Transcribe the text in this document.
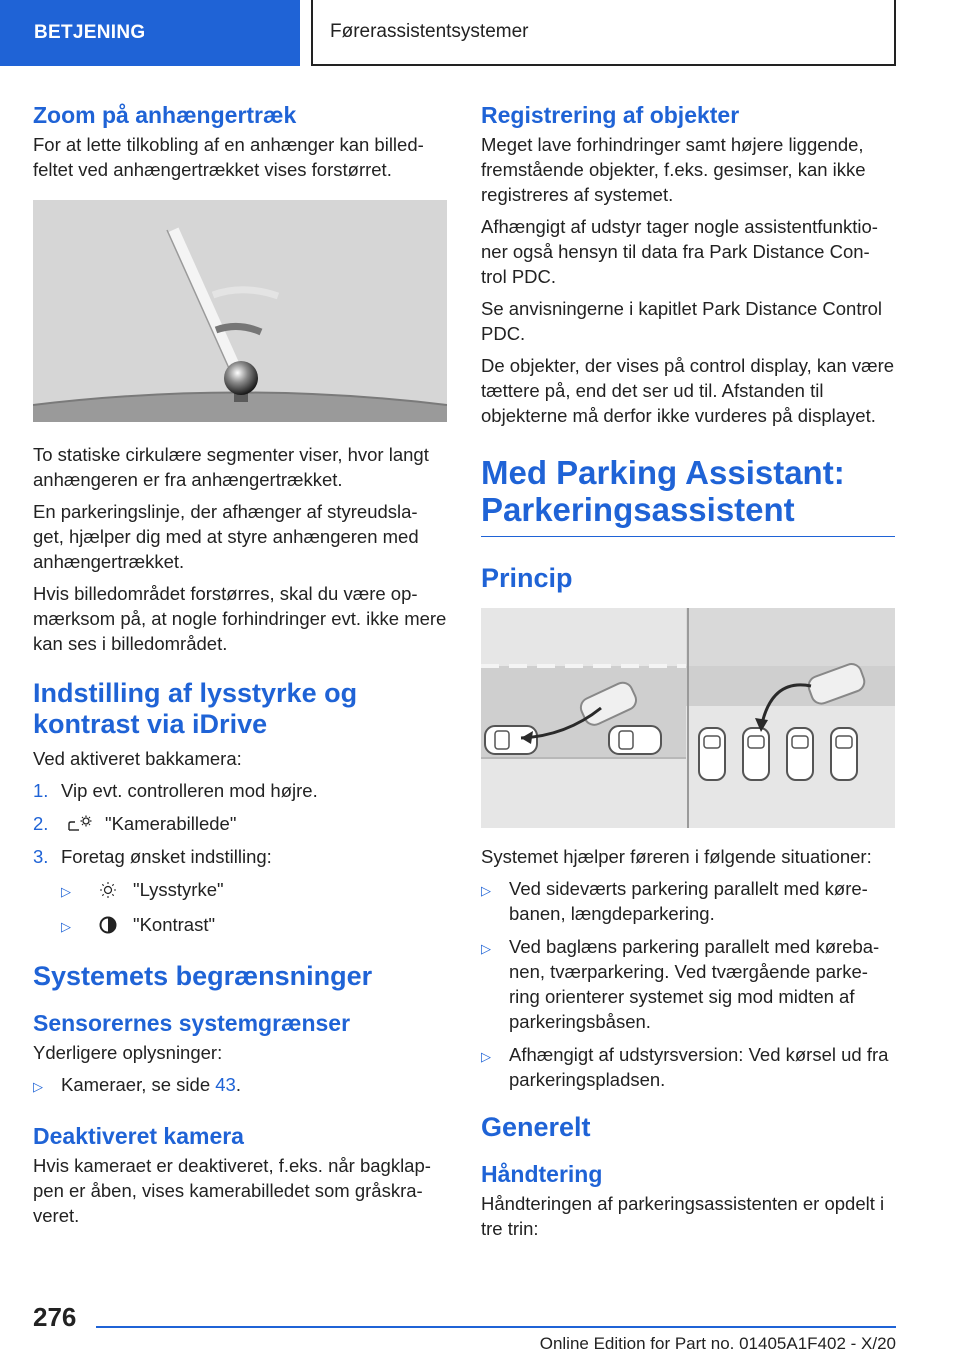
BETJENING	Førerassistentsystemer
Zoom på anhængertræk

For at lette tilkobling af en anhænger kan billed-feltet ved anhængertrækket vises forstørret.

To statiske cirkulære segmenter viser, hvor langt anhængeren er fra anhængertrækket.

En parkeringslinje, der afhænger af styreudsla-get, hjælper dig med at styre anhængeren med anhængertrækket.

Hvis billedområdet forstørres, skal du være op-mærksom på, at nogle forhindringer evt. ikke mere kan ses i billedområdet.

Indstilling af lysstyrke og kontrast via iDrive

Ved aktiveret bakkamera:

1. Vip evt. controlleren mod højre.
2.	"Kamerabillede"
3. Foretag ønsket indstilling:
▷	"Lysstyrke"
▷	"Kontrast"
Systemets begrænsninger
Sensorernes systemgrænser

Yderligere oplysninger:

▷ Kameraer, se side 43.
Deaktiveret kamera

Hvis kameraet er deaktiveret, f.eks. når bagklap-pen er åben, vises kamerabilledet som gråskra-veret.

Registrering af objekter

Meget lave forhindringer samt højere liggende, fremstående objekter, f.eks. gesimser, kan ikke registreres af systemet.

Afhængigt af udstyr tager nogle assistentfunktio-ner også hensyn til data fra Park Distance Con-trol PDC.

Se anvisningerne i kapitlet Park Distance Control PDC.

De objekter, der vises på control display, kan være tættere på, end det ser ud til. Afstanden til objekterne må derfor ikke vurderes på displayet.

Med Parking Assistant: Parkeringsassistent
Princip

Systemet hjælper føreren i følgende situationer:

▷ Ved sideværts parkering parallelt med køre-banen, længdeparkering.
▷ Ved baglæns parkering parallelt med køreba-nen, tværparkering. Ved tværgående parke-ring orienterer systemet sig mod midten af parkeringsbåsen.
▷ Afhængigt af udstyrsversion: Ved kørsel ud fra parkeringspladsen.
Generelt
Håndtering

Håndteringen af parkeringsassistenten er opdelt i tre trin:

276
Online Edition for Part no. 01405A1F402 - X/20
